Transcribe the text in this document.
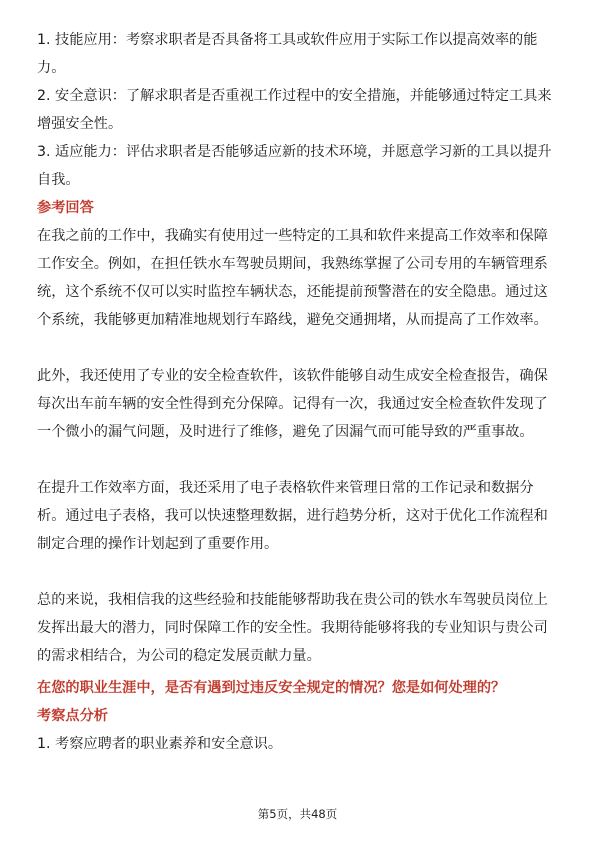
1. 技能应用：考察求职者是否具备将工具或软件应用于实际工作以提高效率的能

力。

2. 安全意识：了解求职者是否重视工作过程中的安全措施，并能够通过特定工具来

增强安全性。

3. 适应能力：评估求职者是否能够适应新的技术环境，并愿意学习新的工具以提升

自我。

参考回答

在我之前的工作中，我确实有使用过一些特定的工具和软件来提高工作效率和保障

工作安全。例如，在担任铁水车驾驶员期间，我熟练掌握了公司专用的车辆管理系

统，这个系统不仅可以实时监控车辆状态，还能提前预警潜在的安全隐患。通过这

个系统，我能够更加精准地规划行车路线，避免交通拥堵，从而提高了工作效率。

此外，我还使用了专业的安全检查软件，该软件能够自动生成安全检查报告，确保

每次出车前车辆的安全性得到充分保障。记得有一次，我通过安全检查软件发现了

一个微小的漏气问题，及时进行了维修，避免了因漏气而可能导致的严重事故。

在提升工作效率方面，我还采用了电子表格软件来管理日常的工作记录和数据分

析。通过电子表格，我可以快速整理数据，进行趋势分析，这对于优化工作流程和

制定合理的操作计划起到了重要作用。

总的来说，我相信我的这些经验和技能能够帮助我在贵公司的铁水车驾驶员岗位上

发挥出最大的潜力，同时保障工作的安全性。我期待能够将我的专业知识与贵公司

的需求相结合，为公司的稳定发展贡献力量。

在您的职业生涯中，是否有遇到过违反安全规定的情况？您是如何处理的？

考察点分析

1. 考察应聘者的职业素养和安全意识。

第5页，共48页
